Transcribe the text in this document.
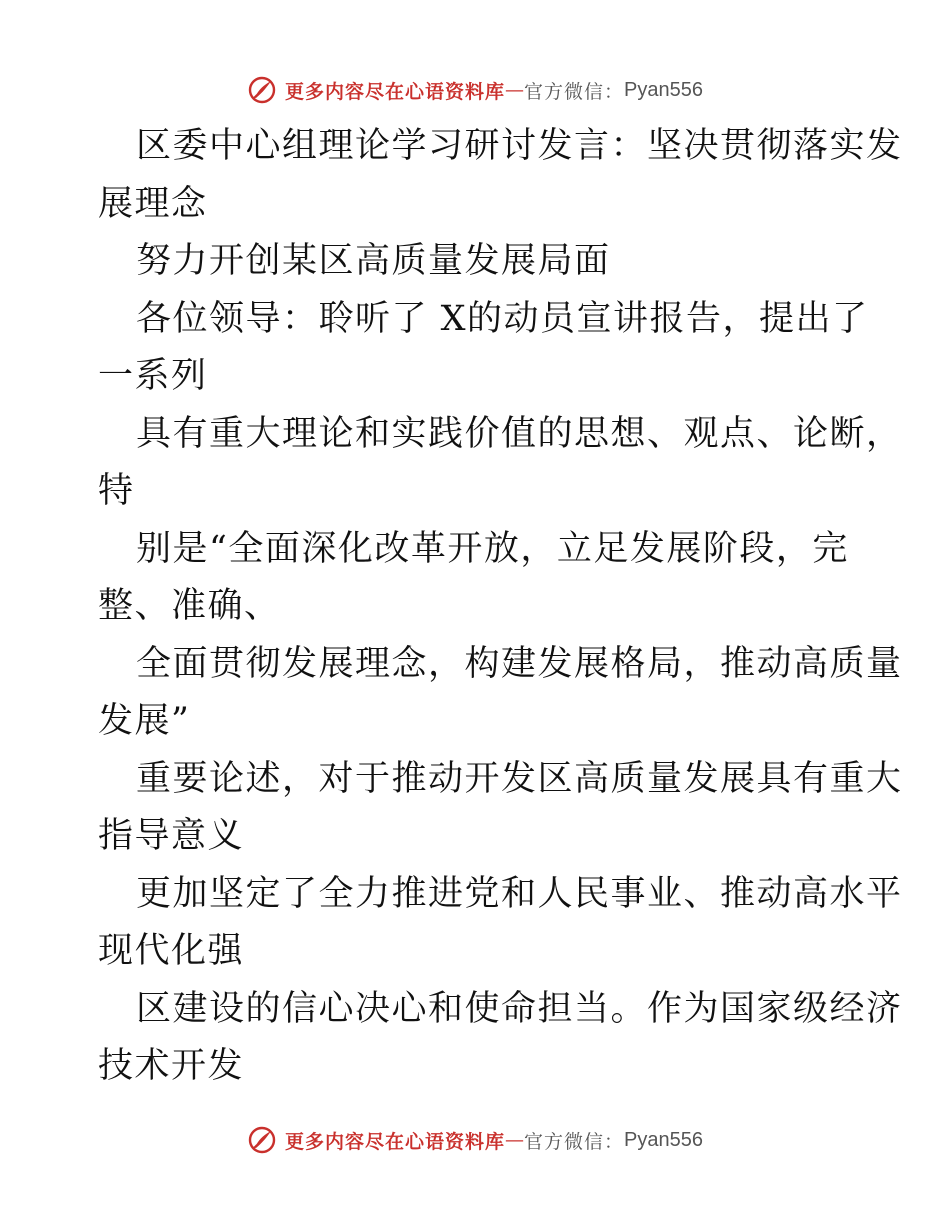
更多内容尽在心语资料库 — 官方微信： Pyan556
区委中心组理论学习研讨发言：坚决贯彻落实发
展理念
努力开创某区高质量发展局面
各位领导：聆听了 X的动员宣讲报告，提出了
一系列
具有重大理论和实践价值的思想、观点、论断，
特
别是“全面深化改革开放，立足发展阶段，完
整、准确、
全面贯彻发展理念，构建发展格局，推动高质量
发展”
重要论述，对于推动开发区高质量发展具有重大
指导意义
更加坚定了全力推进党和人民事业、推动高水平
现代化强
区建设的信心决心和使命担当。作为国家级经济
技术开发
更多内容尽在心语资料库 — 官方微信： Pyan556
